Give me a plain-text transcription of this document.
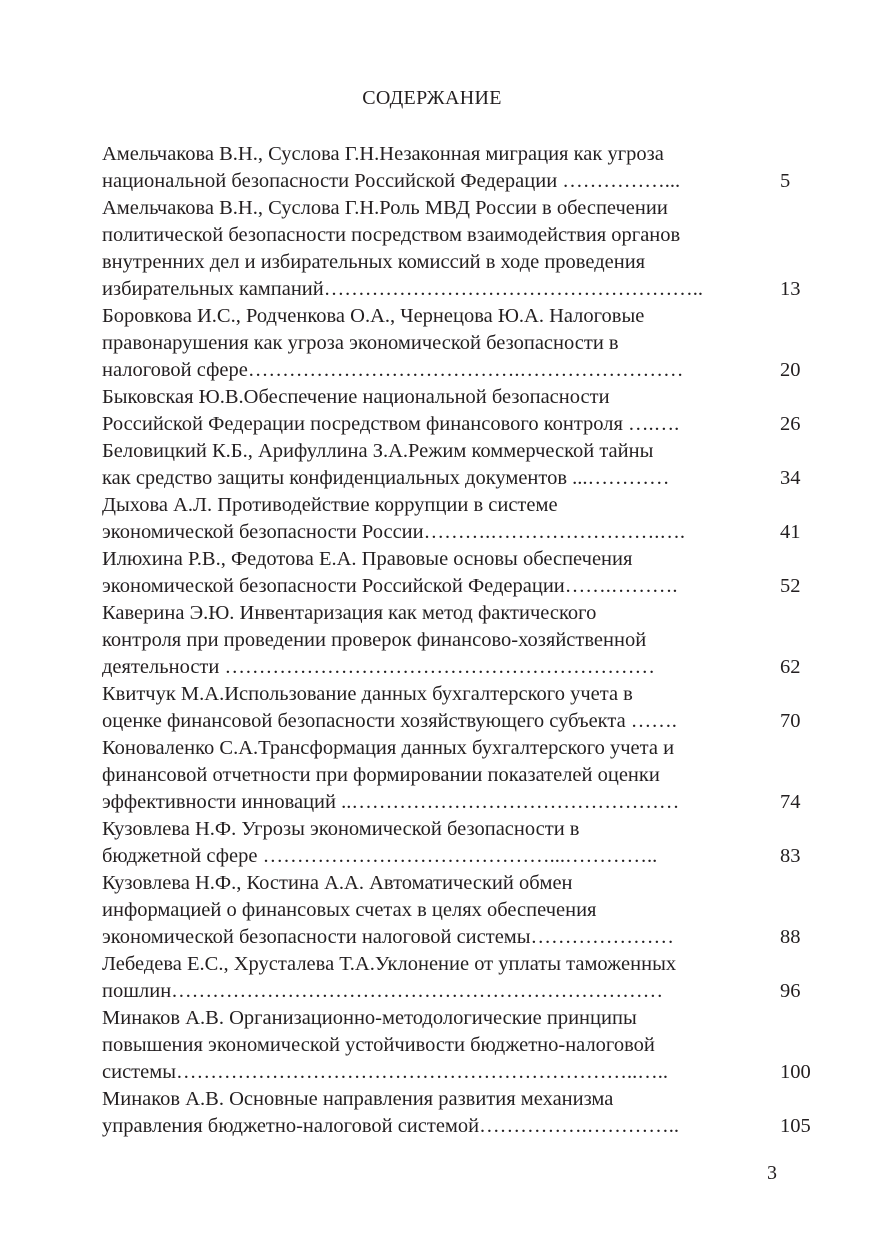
СОДЕРЖАНИЕ
Амельчакова В.Н., Суслова Г.Н.Незаконная миграция как угроза
национальной безопасности Российской Федерации ……………...	5
Амельчакова В.Н., Суслова Г.Н.Роль МВД России в обеспечении
политической безопасности посредством взаимодействия органов
внутренних дел и избирательных комиссий в ходе проведения
избирательных кампаний………………………………………………..	13
Боровкова И.С., Родченкова О.А., Чернецова Ю.А. Налоговые
правонарушения как угроза экономической безопасности в
налоговой сфере………………………………….……………………	20
Быковская Ю.В.Обеспечение национальной безопасности
Российской Федерации посредством финансового контроля ….….	26
Беловицкий К.Б., Арифуллина З.А.Режим коммерческой тайны
как средство защиты конфиденциальных документов ...…………	34
Дыхова А.Л. Противодействие коррупции в системе
экономической безопасности России……….…………………….….	41
Илюхина Р.В., Федотова Е.А. Правовые основы обеспечения
экономической безопасности Российской Федерации…….……….	52
Каверина Э.Ю. Инвентаризация как метод фактического
контроля при проведении проверок финансово-хозяйственной
деятельности ………………………………………………………	62
Квитчук М.А.Использование данных бухгалтерского учета в
оценке финансовой безопасности хозяйствующего субъекта …….	70
Коноваленко С.А.Трансформация данных бухгалтерского учета и
финансовой отчетности при формировании показателей оценки
эффективности инноваций ..…………………………………………	74
Кузовлева Н.Ф. Угрозы экономической безопасности в
бюджетной сфере ……………………………………...…………..	83
Кузовлева Н.Ф., Костина А.А. Автоматический обмен
информацией о финансовых счетах в целях обеспечения
экономической безопасности налоговой системы…………………	88
Лебедева Е.С., Хрусталева Т.А.Уклонение от уплаты таможенных
пошлин………………………………………………………………	96
Минаков А.В. Организационно-методологические принципы
повышения экономической устойчивости бюджетно-налоговой
системы…………………………………………………………..…..	100
Минаков А.В. Основные направления развития механизма
управления бюджетно-налоговой системой…………….…………..	105
3
